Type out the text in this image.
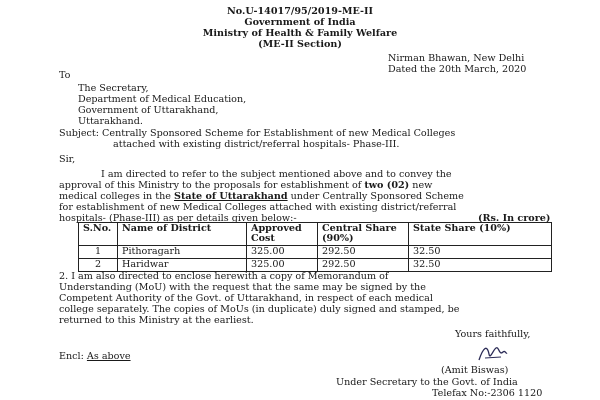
No.U-14017/95/2019-ME-II
Government of India
Ministry of Health & Family Welfare
(ME-II Section)
Nirman Bhawan, New Delhi
Dated the 20th March, 2020
To
The Secretary,
Department of Medical Education,
Government of Uttarakhand,
Uttarakhand.
Subject: Centrally Sponsored Scheme for Establishment of new Medical Colleges
attached with existing district/referral hospitals- Phase-III.
Sir,
I am directed to refer to the subject mentioned above and to convey the
approval of this Ministry to the proposals for establishment of two (02) new
medical colleges in the State of Uttarakhand under Centrally Sponsored Scheme
for establishment of new Medical Colleges attached with existing district/referral
hospitals- (Phase-III) as per details given below:-	(Rs. In crore)
S.No.	Name of District	Approved Cost	Central Share (90%)	State Share (10%)
1	Pithoragarh	325.00	292.50	32.50
2	Haridwar	325.00	292.50	32.50
2. I am also directed to enclose herewith a copy of Memorandum of
Understanding (MoU) with the request that the same may be signed by the
Competent Authority of the Govt. of Uttarakhand, in respect of each medical
college separately. The copies of MoUs (in duplicate) duly signed and stamped, be
returned to this Ministry at the earliest.
Yours faithfully,
Encl: As above
(Amit Biswas)
Under Secretary to the Govt. of India
Telefax No:-2306 1120
